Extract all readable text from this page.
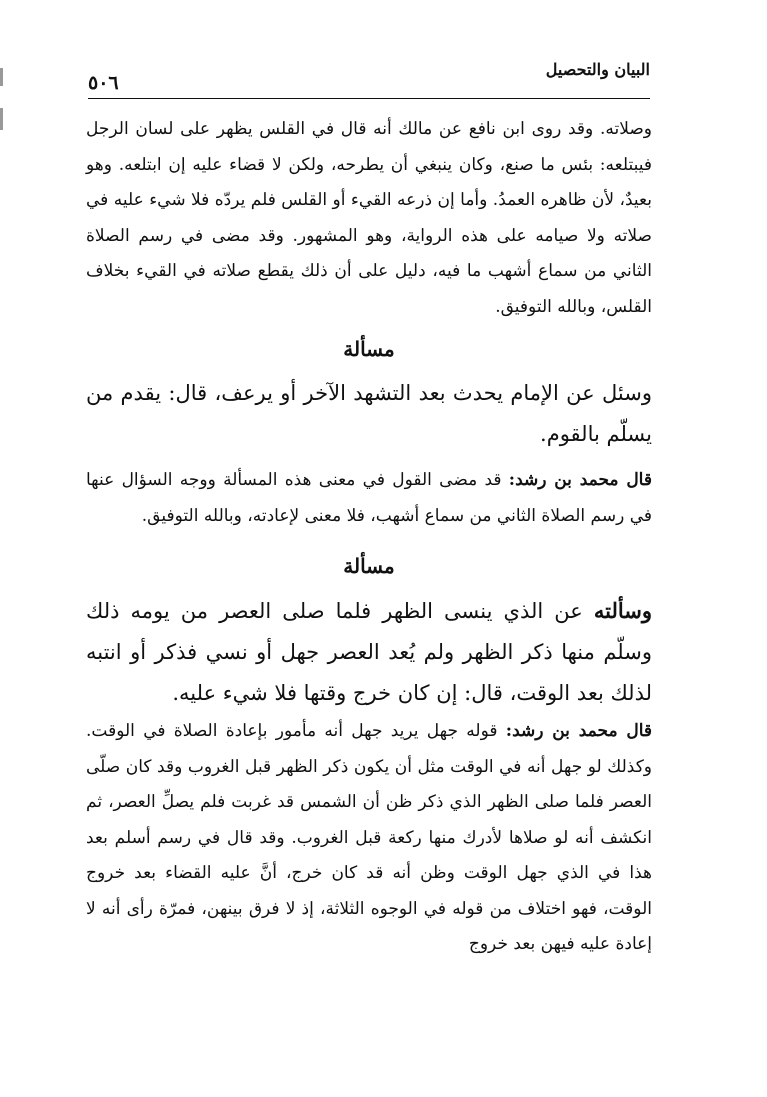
البيان والتحصيل
٥٠٦

وصلاته. وقد روى ابن نافع عن مالك أنه قال في القلس يظهر على لسان الرجل فيبتلعه: بئس ما صنع، وكان ينبغي أن يطرحه، ولكن لا قضاء عليه إن ابتلعه. وهو بعيدٌ، لأن ظاهره العمدُ. وأما إن ذرعه القيء أو القلس فلم يردّه فلا شيء عليه في صلاته ولا صيامه على هذه الرواية، وهو المشهور. وقد مضى في رسم الصلاة الثاني من سماع أشهب ما فيه، دليل على أن ذلك يقطع صلاته في القيء بخلاف القلس، وبالله التوفيق.

مسألة

وسئل عن الإمام يحدث بعد التشهد الآخر أو يرعف، قال: يقدم من يسلّم بالقوم.

قال محمد بن رشد: قد مضى القول في معنى هذه المسألة ووجه السؤال عنها في رسم الصلاة الثاني من سماع أشهب، فلا معنى لإعادته، وبالله التوفيق.

مسألة

وسألته عن الذي ينسى الظهر فلما صلى العصر من يومه ذلك وسلّم منها ذكر الظهر ولم يُعد العصر جهل أو نسي فذكر أو انتبه لذلك بعد الوقت، قال: إن كان خرج وقتها فلا شيء عليه.

قال محمد بن رشد: قوله جهل يريد جهل أنه مأمور بإعادة الصلاة في الوقت. وكذلك لو جهل أنه في الوقت مثل أن يكون ذكر الظهر قبل الغروب وقد كان صلّى العصر فلما صلى الظهر الذي ذكر ظن أن الشمس قد غربت فلم يصلِّ العصر، ثم انكشف أنه لو صلاها لأدرك منها ركعة قبل الغروب. وقد قال في رسم أسلم بعد هذا في الذي جهل الوقت وظن أنه قد كان خرج، أنَّ عليه القضاء بعد خروج الوقت، فهو اختلاف من قوله في الوجوه الثلاثة، إذ لا فرق بينهن، فمرّة رأى أنه لا إعادة عليه فيهن بعد خروج
